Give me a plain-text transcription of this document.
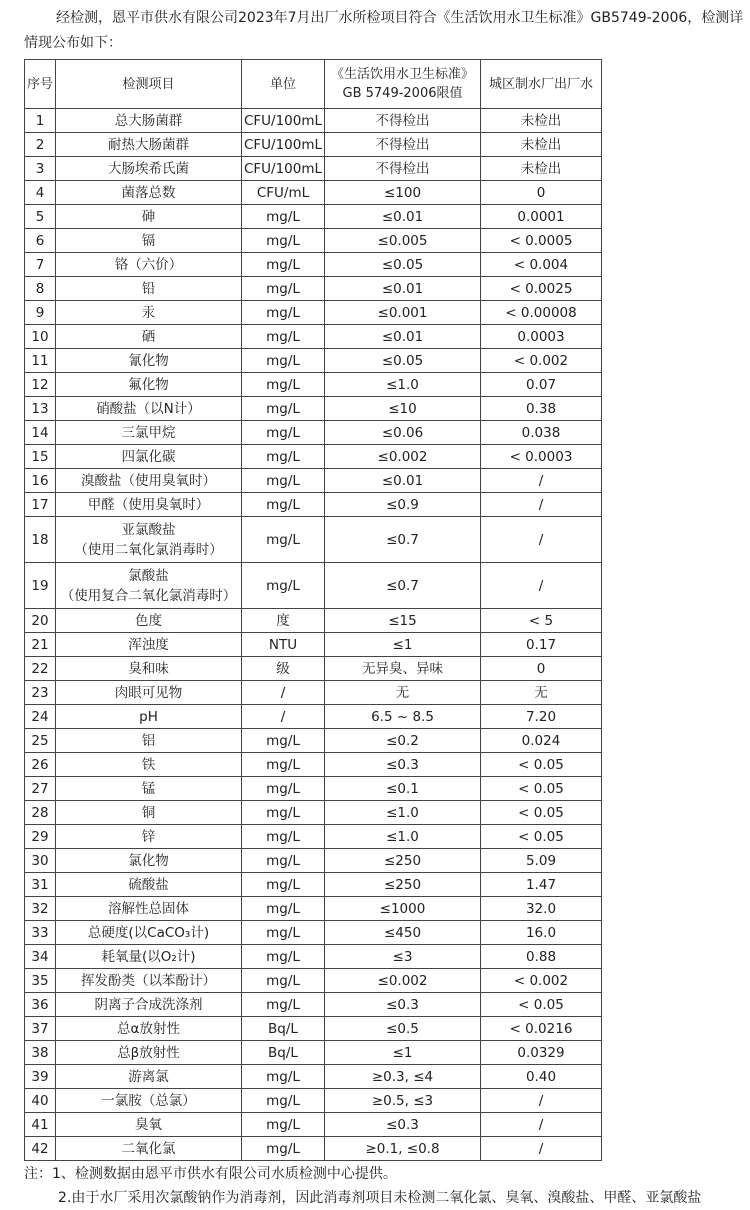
经检测，恩平市供水有限公司2023年7月出厂水所检项目符合《生活饮用水卫生标准》GB5749-2006，检测详情现公布如下：
序号	检测项目	单位	《生活饮用水卫生标准》
GB 5749-2006限值	城区制水厂出厂水
1	总大肠菌群	CFU/100mL	不得检出	未检出
2	耐热大肠菌群	CFU/100mL	不得检出	未检出
3	大肠埃希氏菌	CFU/100mL	不得检出	未检出
4	菌落总数	CFU/mL	≤100	0
5	砷	mg/L	≤0.01	0.0001
6	镉	mg/L	≤0.005	< 0.0005
7	铬（六价）	mg/L	≤0.05	< 0.004
8	铅	mg/L	≤0.01	< 0.0025
9	汞	mg/L	≤0.001	< 0.00008
10	硒	mg/L	≤0.01	0.0003
11	氰化物	mg/L	≤0.05	< 0.002
12	氟化物	mg/L	≤1.0	0.07
13	硝酸盐（以N计）	mg/L	≤10	0.38
14	三氯甲烷	mg/L	≤0.06	0.038
15	四氯化碳	mg/L	≤0.002	< 0.0003
16	溴酸盐（使用臭氧时）	mg/L	≤0.01	/
17	甲醛（使用臭氧时）	mg/L	≤0.9	/
18	亚氯酸盐
（使用二氧化氯消毒时）	mg/L	≤0.7	/
19	氯酸盐
（使用复合二氧化氯消毒时）	mg/L	≤0.7	/
20	色度	度	≤15	< 5
21	浑浊度	NTU	≤1	0.17
22	臭和味	级	无异臭、异味	0
23	肉眼可见物	/	无	无
24	pH	/	6.5 ~ 8.5	7.20
25	铝	mg/L	≤0.2	0.024
26	铁	mg/L	≤0.3	< 0.05
27	锰	mg/L	≤0.1	< 0.05
28	铜	mg/L	≤1.0	< 0.05
29	锌	mg/L	≤1.0	< 0.05
30	氯化物	mg/L	≤250	5.09
31	硫酸盐	mg/L	≤250	1.47
32	溶解性总固体	mg/L	≤1000	32.0
33	总硬度(以CaCO₃计)	mg/L	≤450	16.0
34	耗氧量(以O₂计)	mg/L	≤3	0.88
35	挥发酚类（以苯酚计）	mg/L	≤0.002	< 0.002
36	阴离子合成洗涤剂	mg/L	≤0.3	< 0.05
37	总α放射性	Bq/L	≤0.5	< 0.0216
38	总β放射性	Bq/L	≤1	0.0329
39	游离氯	mg/L	≥0.3, ≤4	0.40
40	一氯胺（总氯）	mg/L	≥0.5, ≤3	/
41	臭氧	mg/L	≤0.3	/
42	二氧化氯	mg/L	≥0.1, ≤0.8	/
注：1、检测数据由恩平市供水有限公司水质检测中心提供。
2.由于水厂采用次氯酸钠作为消毒剂，因此消毒剂项目未检测二氧化氯、臭氧、溴酸盐、甲醛、亚氯酸盐
